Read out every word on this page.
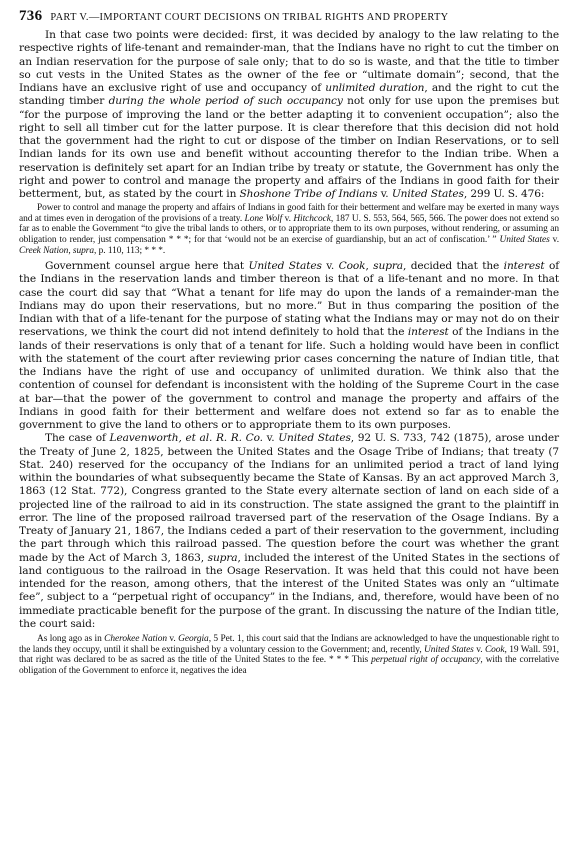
736 PART V.—IMPORTANT COURT DECISIONS ON TRIBAL RIGHTS AND PROPERTY

In that case two points were decided: first, it was decided by analogy to the law relating to the respective rights of life-tenant and remainder-man, that the Indians have no right to cut the timber on an Indian reservation for the purpose of sale only; that to do so is waste, and that the title to timber so cut vests in the United States as the owner of the fee or “ultimate domain”; second, that the Indians have an exclusive right of use and occupancy of unlimited duration, and the right to cut the standing timber during the whole period of such occupancy not only for use upon the premises but “for the purpose of improving the land or the better adapting it to convenient occupation”; also the right to sell all timber cut for the latter purpose. It is clear therefore that this decision did not hold that the government had the right to cut or dispose of the timber on Indian Reservations, or to sell Indian lands for its own use and benefit without accounting therefor to the Indian tribe. When a reservation is definitely set apart for an Indian tribe by treaty or statute, the Government has only the right and power to control and manage the property and affairs of the Indians in good faith for their betterment, but, as stated by the court in Shoshone Tribe of Indians v. United States, 299 U. S. 476:

Power to control and manage the property and affairs of Indians in good faith for their betterment and welfare may be exerted in many ways and at times even in derogation of the provisions of a treaty. Lone Wolf v. Hitchcock, 187 U. S. 553, 564, 565, 566. The power does not extend so far as to enable the Government “to give the tribal lands to others, or to appropriate them to its own purposes, without rendering, or assuming an obligation to render, just compensation * * *; for that ‘would not be an exercise of guardianship, but an act of confiscation.’ ” United States v. Creek Nation, supra, p. 110, 113; * * *.

Government counsel argue here that United States v. Cook, supra, decided that the interest of the Indians in the reservation lands and timber thereon is that of a life-tenant and no more. In that case the court did say that “What a tenant for life may do upon the lands of a remainder-man the Indians may do upon their reservations, but no more.” But in thus comparing the position of the Indian with that of a life-tenant for the purpose of stating what the Indians may or may not do on their reservations, we think the court did not intend definitely to hold that the interest of the Indians in the lands of their reservations is only that of a tenant for life. Such a holding would have been in conflict with the statement of the court after reviewing prior cases concerning the nature of Indian title, that the Indians have the right of use and occupancy of unlimited duration. We think also that the contention of counsel for defendant is inconsistent with the holding of the Supreme Court in the case at bar—that the power of the government to control and manage the property and affairs of the Indians in good faith for their betterment and welfare does not extend so far as to enable the government to give the land to others or to appropriate them to its own purposes.

The case of Leavenworth, et al. R. R. Co. v. United States, 92 U. S. 733, 742 (1875), arose under the Treaty of June 2, 1825, between the United States and the Osage Tribe of Indians; that treaty (7 Stat. 240) reserved for the occupancy of the Indians for an unlimited period a tract of land lying within the boundaries of what subsequently became the State of Kansas. By an act approved March 3, 1863 (12 Stat. 772), Congress granted to the State every alternate section of land on each side of a projected line of the railroad to aid in its construction. The state assigned the grant to the plaintiff in error. The line of the proposed railroad traversed part of the reservation of the Osage Indians. By a Treaty of January 21, 1867, the Indians ceded a part of their reservation to the government, including the part through which this railroad passed. The question before the court was whether the grant made by the Act of March 3, 1863, supra, included the interest of the United States in the sections of land contiguous to the railroad in the Osage Reservation. It was held that this could not have been intended for the reason, among others, that the interest of the United States was only an “ultimate fee”, subject to a “perpetual right of occupancy” in the Indians, and, therefore, would have been of no immediate practicable benefit for the purpose of the grant. In discussing the nature of the Indian title, the court said:

As long ago as in Cherokee Nation v. Georgia, 5 Pet. 1, this court said that the Indians are acknowledged to have the unquestionable right to the lands they occupy, until it shall be extinguished by a voluntary cession to the Government; and, recently, United States v. Cook, 19 Wall. 591, that right was declared to be as sacred as the title of the United States to the fee. * * * This perpetual right of occupancy, with the correlative obligation of the Government to enforce it, negatives the idea
